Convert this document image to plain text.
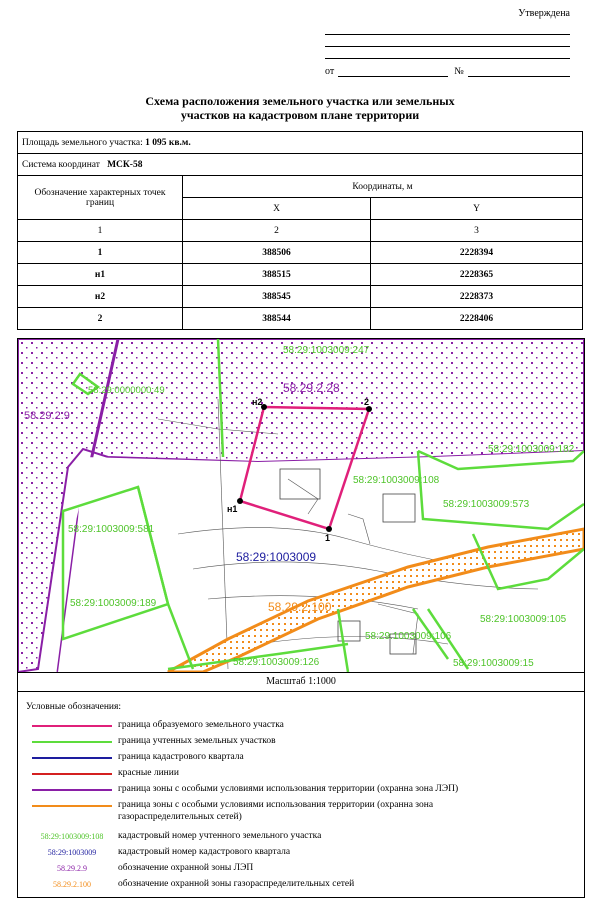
Утверждена
от	№
Схема расположения земельного участка или земельных
участков на кадастровом плане территории
Площадь земельного участка: 1 095 кв.м.		
Система координат МСК-58		
Обозначение характерных точек границ	Координаты, м	
	X	Y
1	2	3
1	388506	2228394
н1	388515	2228365
н2	388545	2228373
2	388544	2228406
58:29:1003009:247
58:29:0000000:49	58.29.2.28
58.29.2.9
58:29:1003009:182
58:29:1003009:108
58:29:1003009:573
58:29:1003009:581
58:29:1003009
58:29:1003009:189	58.29.2.100
58:29:1003009:105
58:29:1003009:106
58:29:1003009:126	58:29:1003009:15
н2	2
н1
1
Масштаб 1:1000
Условные обозначения:
граница образуемого земельного участка
граница учтенных земельных участков
граница кадастрового квартала
красные линии
граница зоны с особыми условиями использования территории (охранна зона ЛЭП)
граница зоны с особыми условиями использования территории (охранна зона газораспределительных сетей)
58:29:1003009:108	кадастровый номер учтенного земельного участка
58:29:1003009	кадастровый номер кадастрового квартала
58.29.2.9	обозначение охранной зоны ЛЭП
58.29.2.100	обозначение охранной зоны газораспределительных сетей
